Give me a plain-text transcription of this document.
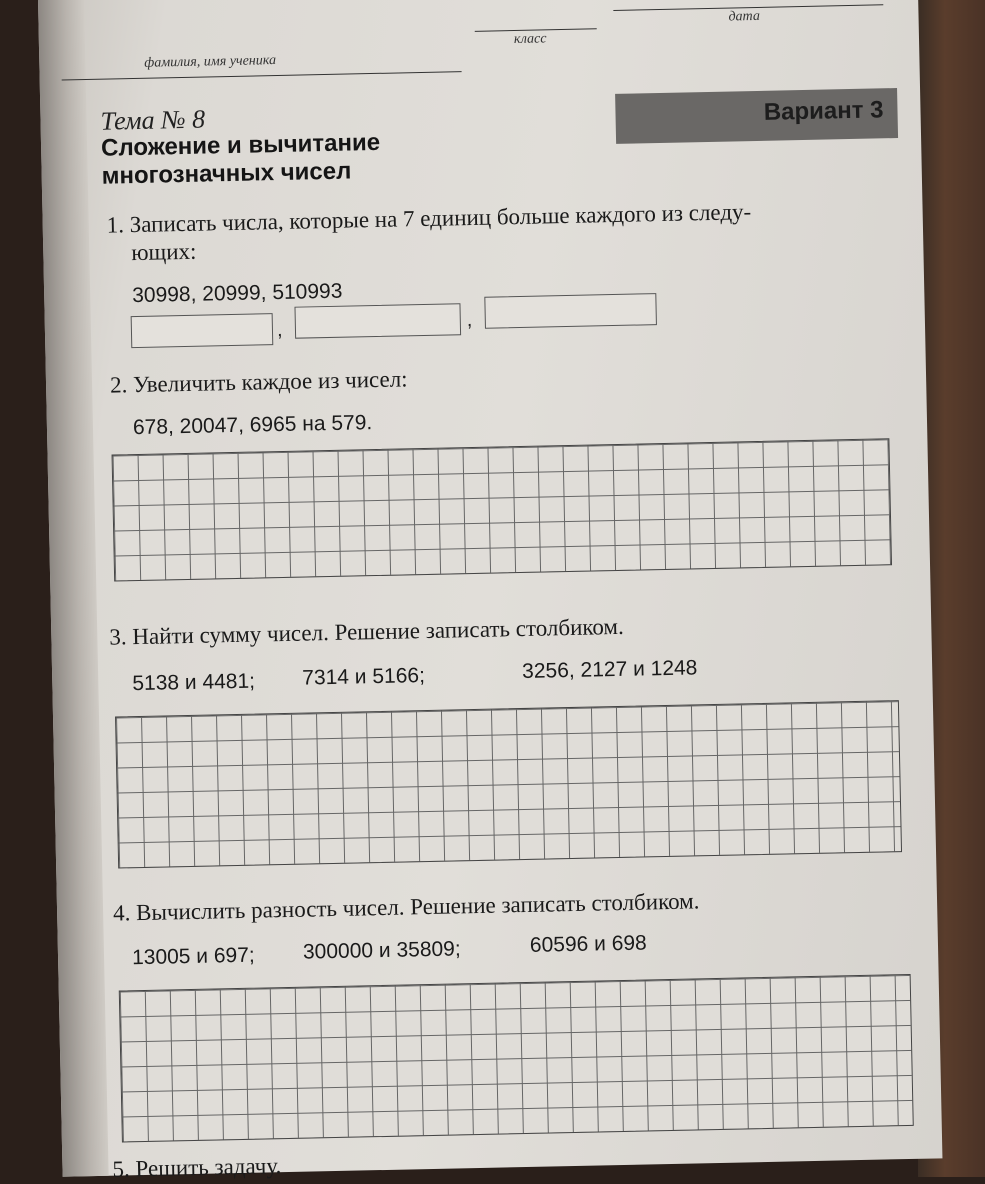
фамилия, имя ученика
класс
дата
Тема № 8
Сложение и вычитание многозначных чисел
Вариант 3
1. Записать числа, которые на 7 единиц больше каждого из следу-
ющих:
30998, 20999, 510993
,	,
2. Увеличить каждое из чисел:
678, 20047, 6965 на 579.
3. Найти сумму чисел. Решение записать столбиком.
5138 и 4481; 7314 и 5166;	3256, 2127 и 1248
4. Вычислить разность чисел. Решение записать столбиком.
13005 и 697; 300000 и 35809;	60596 и 698
5. Решить задачу.
